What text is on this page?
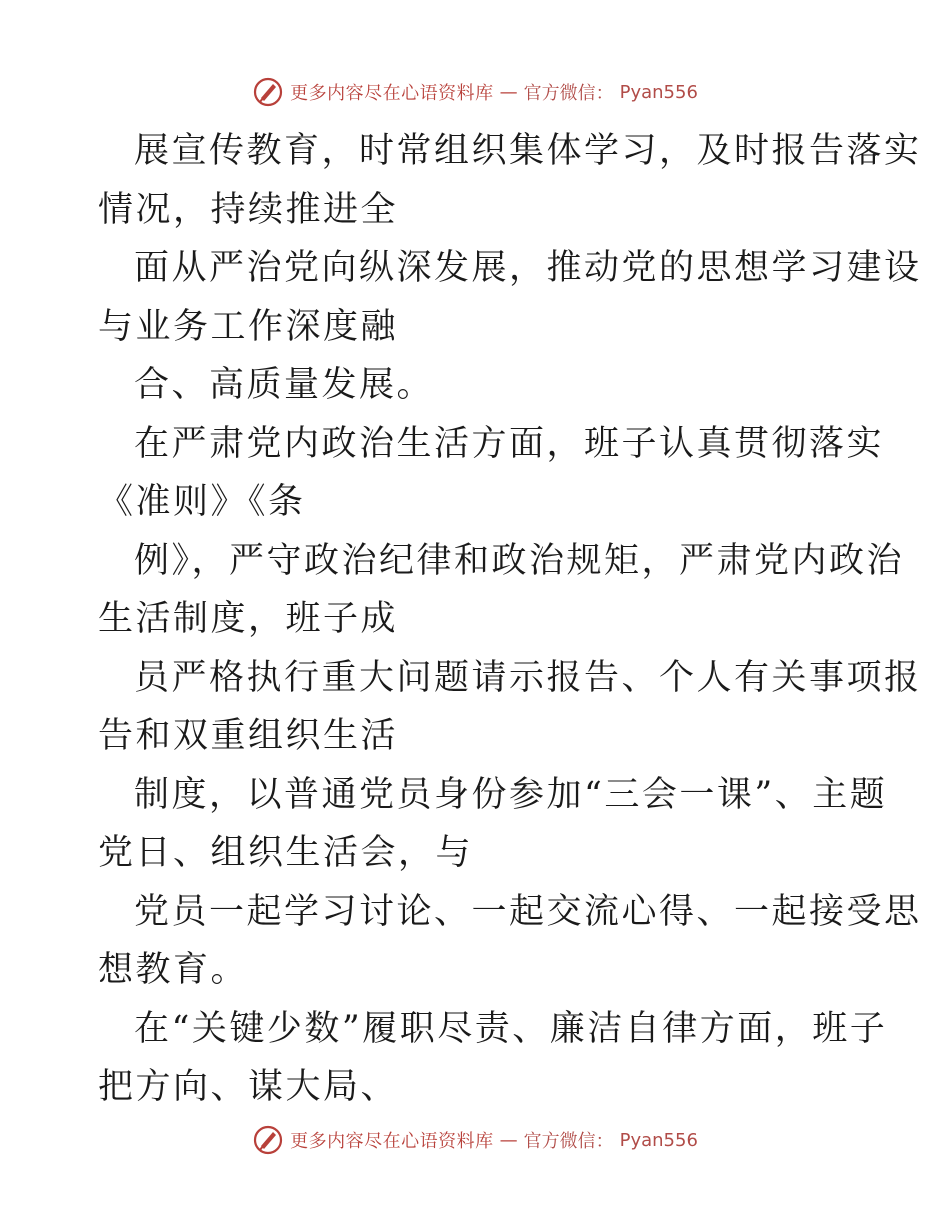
更多内容尽在心语资料库 — 官方微信： Pyan556
展宣传教育，时常组织集体学习，及时报告落实
情况，持续推进全
面从严治党向纵深发展，推动党的思想学习建设
与业务工作深度融
合、高质量发展。
在严肃党内政治生活方面，班子认真贯彻落实
《准则》《条
例》，严守政治纪律和政治规矩，严肃党内政治
生活制度，班子成
员严格执行重大问题请示报告、个人有关事项报
告和双重组织生活
制度，以普通党员身份参加“三会一课”、主题
党日、组织生活会，与
党员一起学习讨论、一起交流心得、一起接受思
想教育。
在“关键少数”履职尽责、廉洁自律方面，班子
把方向、谋大局、
更多内容尽在心语资料库 — 官方微信： Pyan556
